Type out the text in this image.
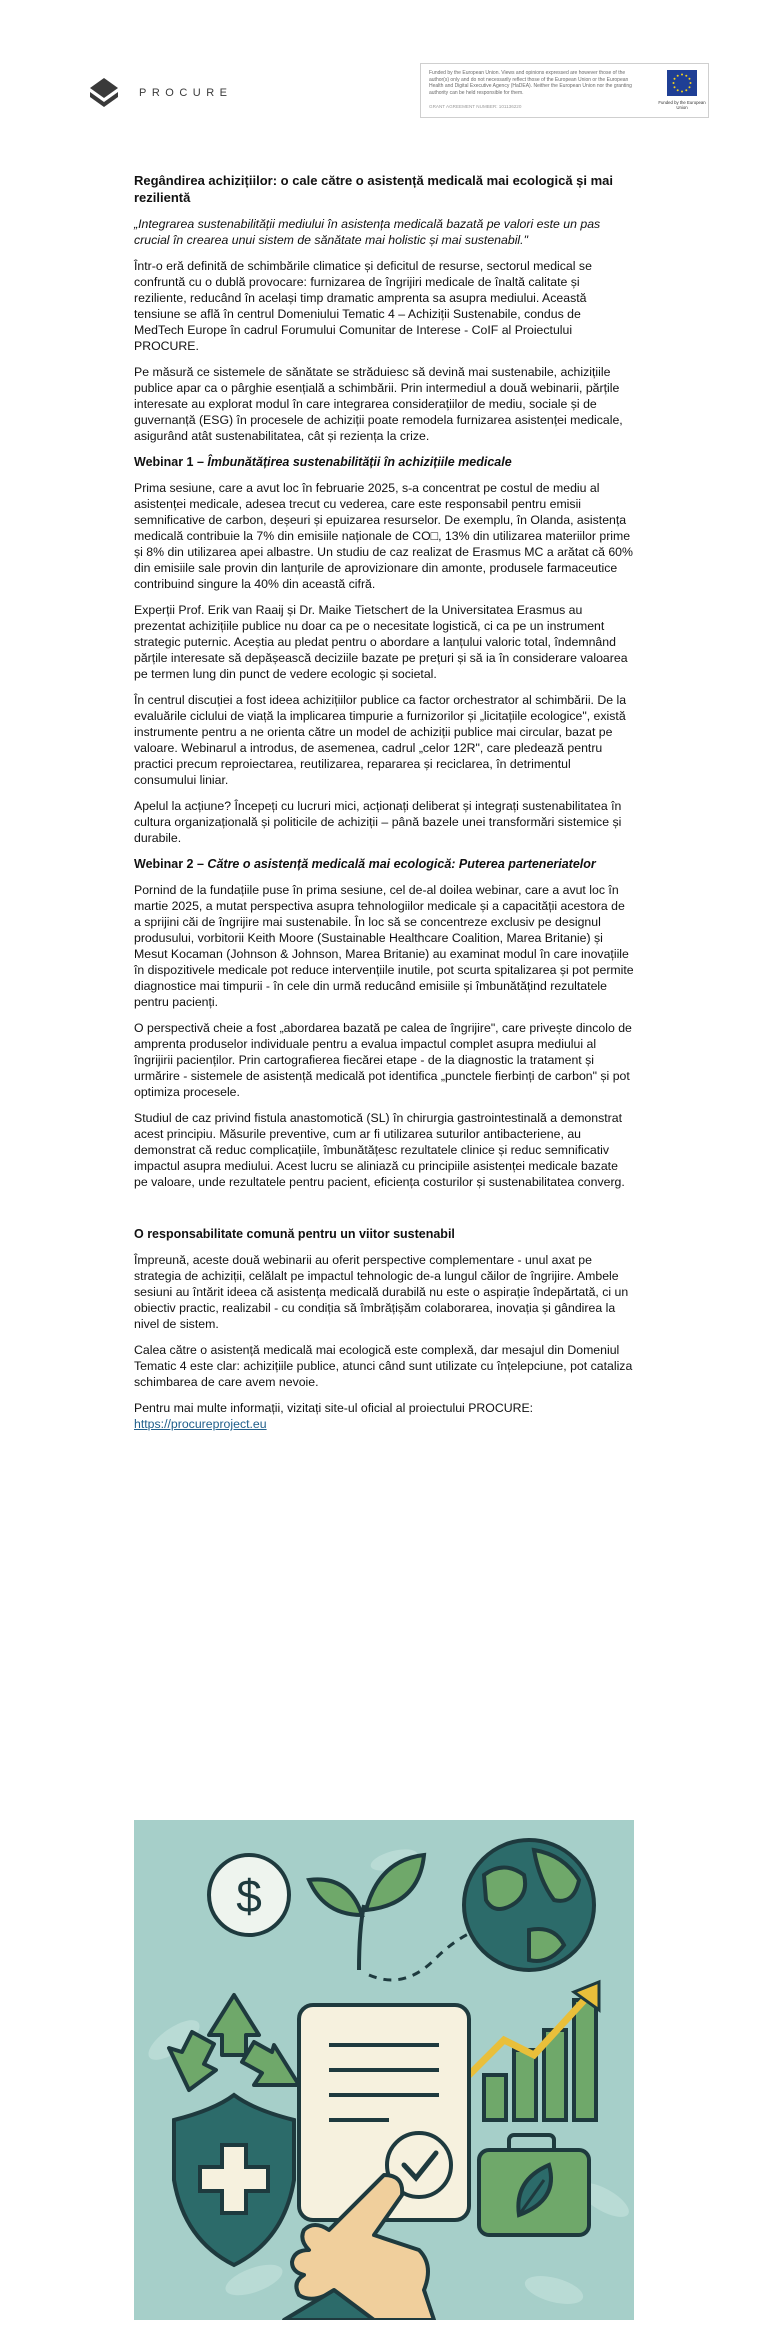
PROCURE
Funded by the European Union. Views and opinions expressed are however those of the author(s) only and do not necessarily reflect those of the European Union or the European Health and Digital Executive Agency (HaDEA). Neither the European Union nor the granting authority can be held responsible for them.
GRANT AGREEMENT NUMBER: 101136220
Funded by the European Union
Regândirea achizițiilor: o cale către o asistență medicală mai ecologică și mai rezilientă

„Integrarea sustenabilității mediului în asistența medicală bazată pe valori este un pas crucial în crearea unui sistem de sănătate mai holistic și mai sustenabil."

Într-o eră definită de schimbările climatice și deficitul de resurse, sectorul medical se confruntă cu o dublă provocare: furnizarea de îngrijiri medicale de înaltă calitate și reziliente, reducând în același timp dramatic amprenta sa asupra mediului. Această tensiune se află în centrul Domeniului Tematic 4 – Achiziții Sustenabile, condus de MedTech Europe în cadrul Forumului Comunitar de Interese - CoIF al Proiectului PROCURE.

Pe măsură ce sistemele de sănătate se străduiesc să devină mai sustenabile, achizițiile publice apar ca o pârghie esențială a schimbării. Prin intermediul a două webinarii, părțile interesate au explorat modul în care integrarea considerațiilor de mediu, sociale și de guvernanță (ESG) în procesele de achiziții poate remodela furnizarea asistenței medicale, asigurând atât sustenabilitatea, cât și reziența la crize.

Webinar 1 – Îmbunătățirea sustenabilității în achizițiile medicale

Prima sesiune, care a avut loc în februarie 2025, s-a concentrat pe costul de mediu al asistenței medicale, adesea trecut cu vederea, care este responsabil pentru emisii semnificative de carbon, deșeuri și epuizarea resurselor. De exemplu, în Olanda, asistența medicală contribuie la 7% din emisiile naționale de CO□, 13% din utilizarea materiilor prime și 8% din utilizarea apei albastre. Un studiu de caz realizat de Erasmus MC a arătat că 60% din emisiile sale provin din lanțurile de aprovizionare din amonte, produsele farmaceutice contribuind singure la 40% din această cifră.

Experții Prof. Erik van Raaij și Dr. Maike Tietschert de la Universitatea Erasmus au prezentat achizițiile publice nu doar ca pe o necesitate logistică, ci ca pe un instrument strategic puternic. Aceștia au pledat pentru o abordare a lanțului valoric total, îndemnând părțile interesate să depășească deciziile bazate pe prețuri și să ia în considerare valoarea pe termen lung din punct de vedere ecologic și societal.

În centrul discuției a fost ideea achizițiilor publice ca factor orchestrator al schimbării. De la evaluările ciclului de viață la implicarea timpurie a furnizorilor și „licitațiile ecologice", există instrumente pentru a ne orienta către un model de achiziții publice mai circular, bazat pe valoare. Webinarul a introdus, de asemenea, cadrul „celor 12R", care pledează pentru practici precum reproiectarea, reutilizarea, repararea și reciclarea, în detrimentul consumului liniar.

Apelul la acțiune? Începeți cu lucruri mici, acționați deliberat și integrați sustenabilitatea în cultura organizațională și politicile de achiziții – până bazele unei transformări sistemice și durabile.

Webinar 2 – Către o asistență medicală mai ecologică: Puterea parteneriatelor

Pornind de la fundațiile puse în prima sesiune, cel de-al doilea webinar, care a avut loc în martie 2025, a mutat perspectiva asupra tehnologiilor medicale și a capacității acestora de a sprijini căi de îngrijire mai sustenabile. În loc să se concentreze exclusiv pe designul produsului, vorbitorii Keith Moore (Sustainable Healthcare Coalition, Marea Britanie) și Mesut Kocaman (Johnson & Johnson, Marea Britanie) au examinat modul în care inovațiile în dispozitivele medicale pot reduce intervențiile inutile, pot scurta spitalizarea și pot permite diagnostice mai timpurii - în cele din urmă reducând emisiile și îmbunătățind rezultatele pentru pacienți.

O perspectivă cheie a fost „abordarea bazată pe calea de îngrijire", care privește dincolo de amprenta produselor individuale pentru a evalua impactul complet asupra mediului al îngrijirii pacienților. Prin cartografierea fiecărei etape - de la diagnostic la tratament și urmărire - sistemele de asistență medicală pot identifica „punctele fierbinți de carbon" și pot optimiza procesele.

Studiul de caz privind fistula anastomotică (SL) în chirurgia gastrointestinală a demonstrat acest principiu. Măsurile preventive, cum ar fi utilizarea suturilor antibacteriene, au demonstrat că reduc complicațiile, îmbunătățesc rezultatele clinice și reduc semnificativ impactul asupra mediului. Acest lucru se aliniază cu principiile asistenței medicale bazate pe valoare, unde rezultatele pentru pacient, eficiența costurilor și sustenabilitatea converg.

O responsabilitate comună pentru un viitor sustenabil

Împreună, aceste două webinarii au oferit perspective complementare - unul axat pe strategia de achiziții, celălalt pe impactul tehnologic de-a lungul căilor de îngrijire. Ambele sesiuni au întărit ideea că asistența medicală durabilă nu este o aspirație îndepărtată, ci un obiectiv practic, realizabil - cu condiția să îmbrățișăm colaborarea, inovația și gândirea la nivel de sistem.

Calea către o asistență medicală mai ecologică este complexă, dar mesajul din Domeniul Tematic 4 este clar: achizițiile publice, atunci când sunt utilizate cu înțelepciune, pot cataliza schimbarea de care avem nevoie.

Pentru mai multe informații, vizitați site-ul oficial al proiectului PROCURE:
https://procureproject.eu

$
